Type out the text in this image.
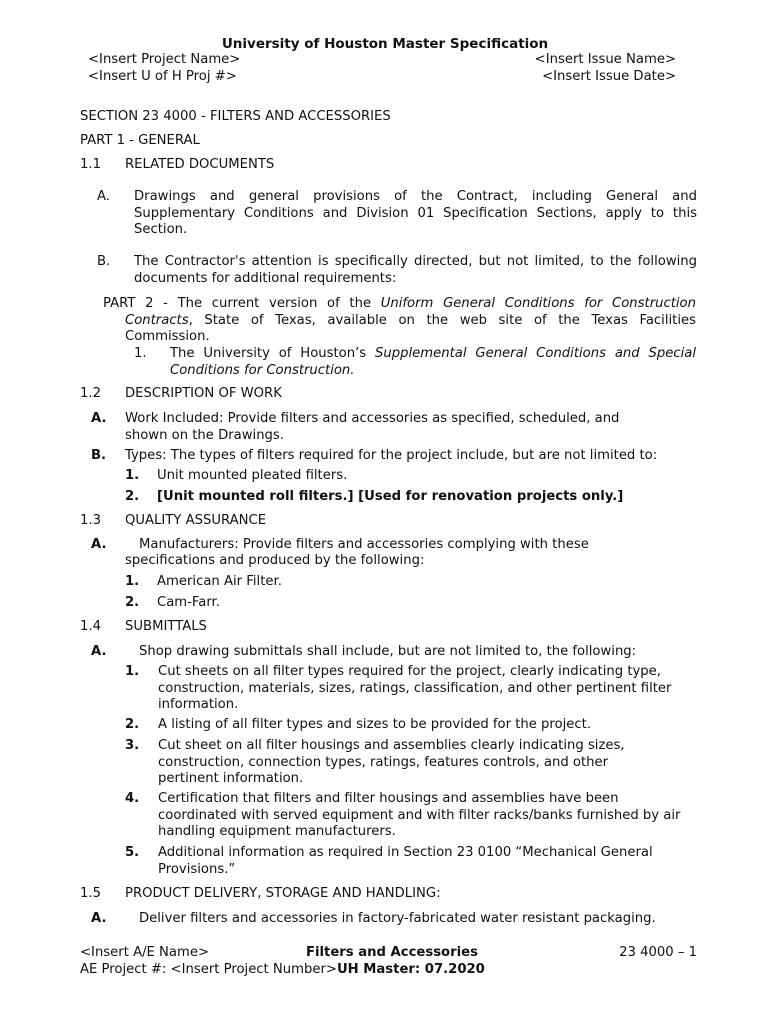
University of Houston Master Specification
<Insert Project Name>	<Insert Issue Name>
<Insert U of H Proj #>	<Insert Issue Date>
SECTION 23 4000 - FILTERS AND ACCESSORIES
PART 1 - GENERAL
1.1 RELATED DOCUMENTS
A. Drawings and general provisions of the Contract, including General and Supplementary Conditions and Division 01 Specification Sections, apply to this Section.
B. The Contractor's attention is specifically directed, but not limited, to the following documents for additional requirements:
PART 2 - The current version of the Uniform General Conditions for Construction Contracts, State of Texas, available on the web site of the Texas Facilities Commission.
1. The University of Houston’s Supplemental General Conditions and Special Conditions for Construction.
1.2 DESCRIPTION OF WORK
A. Work Included: Provide filters and accessories as specified, scheduled, and shown on the Drawings.
B. Types: The types of filters required for the project include, but are not limited to:
1. Unit mounted pleated filters.
2. [Unit mounted roll filters.] [Used for renovation projects only.]
1.3 QUALITY ASSURANCE
A. Manufacturers: Provide filters and accessories complying with these
specifications and produced by the following:
1. American Air Filter.
2. Cam-Farr.
1.4 SUBMITTALS
A. Shop drawing submittals shall include, but are not limited to, the following:
1. Cut sheets on all filter types required for the project, clearly indicating type, construction, materials, sizes, ratings, classification, and other pertinent filter information.
2. A listing of all filter types and sizes to be provided for the project.
3. Cut sheet on all filter housings and assemblies clearly indicating sizes, construction, connection types, ratings, features controls, and other pertinent information.
4. Certification that filters and filter housings and assemblies have been coordinated with served equipment and with filter racks/banks furnished by air handling equipment manufacturers.
5. Additional information as required in Section 23 0100 “Mechanical General Provisions.”
1.5 PRODUCT DELIVERY, STORAGE AND HANDLING:
A. Deliver filters and accessories in factory-fabricated water resistant packaging.
<Insert A/E Name>	Filters and Accessories	23 4000 – 1
AE Project #: <Insert Project Number>UH Master: 07.2020
